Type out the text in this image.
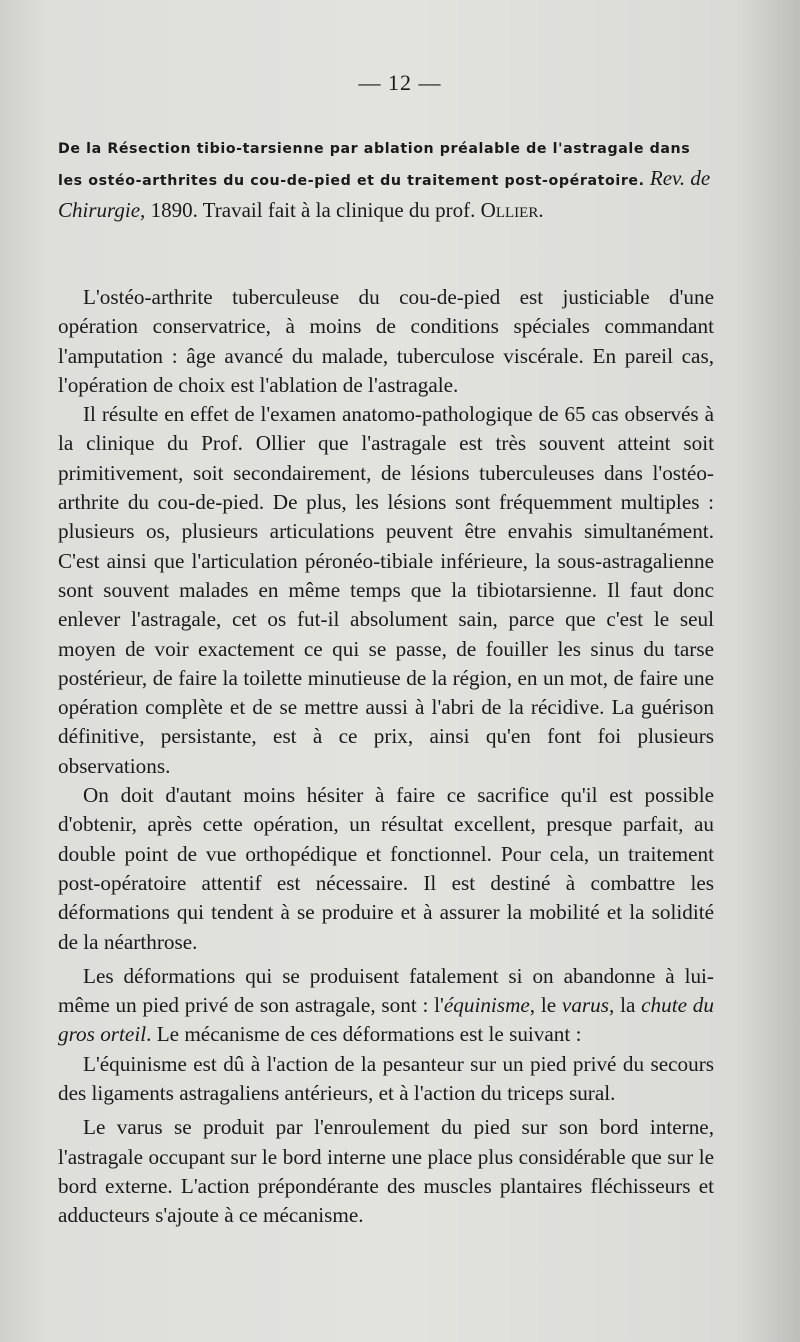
— 12 —
De la Résection tibio-tarsienne par ablation préalable de l'astragale dans les ostéo-arthrites du cou-de-pied et du traitement post-opératoire. Rev. de Chirurgie, 1890. Travail fait à la clinique du prof. Ollier.

L'ostéo-arthrite tuberculeuse du cou-de-pied est justiciable d'une opération conservatrice, à moins de conditions spéciales commandant l'amputation : âge avancé du malade, tuberculose viscérale. En pareil cas, l'opération de choix est l'ablation de l'astragale.

Il résulte en effet de l'examen anatomo-pathologique de 65 cas observés à la clinique du Prof. Ollier que l'astragale est très souvent atteint soit primitivement, soit secondairement, de lésions tuberculeuses dans l'ostéo-arthrite du cou-de-pied. De plus, les lésions sont fréquemment multiples : plusieurs os, plusieurs articulations peuvent être envahis simultanément. C'est ainsi que l'articulation péronéo-tibiale inférieure, la sous-astragalienne sont souvent malades en même temps que la tibiotarsienne. Il faut donc enlever l'astragale, cet os fut-il absolument sain, parce que c'est le seul moyen de voir exactement ce qui se passe, de fouiller les sinus du tarse postérieur, de faire la toilette minutieuse de la région, en un mot, de faire une opération complète et de se mettre aussi à l'abri de la récidive. La guérison définitive, persistante, est à ce prix, ainsi qu'en font foi plusieurs observations.

On doit d'autant moins hésiter à faire ce sacrifice qu'il est possible d'obtenir, après cette opération, un résultat excellent, presque parfait, au double point de vue orthopédique et fonctionnel. Pour cela, un traitement post-opératoire attentif est nécessaire. Il est destiné à combattre les déformations qui tendent à se produire et à assurer la mobilité et la solidité de la néarthrose.

Les déformations qui se produisent fatalement si on abandonne à lui-même un pied privé de son astragale, sont : l'équinisme, le varus, la chute du gros orteil. Le mécanisme de ces déformations est le suivant :

L'équinisme est dû à l'action de la pesanteur sur un pied privé du secours des ligaments astragaliens antérieurs, et à l'action du triceps sural.

Le varus se produit par l'enroulement du pied sur son bord interne, l'astragale occupant sur le bord interne une place plus considérable que sur le bord externe. L'action prépondérante des muscles plantaires fléchisseurs et adducteurs s'ajoute à ce mécanisme.
